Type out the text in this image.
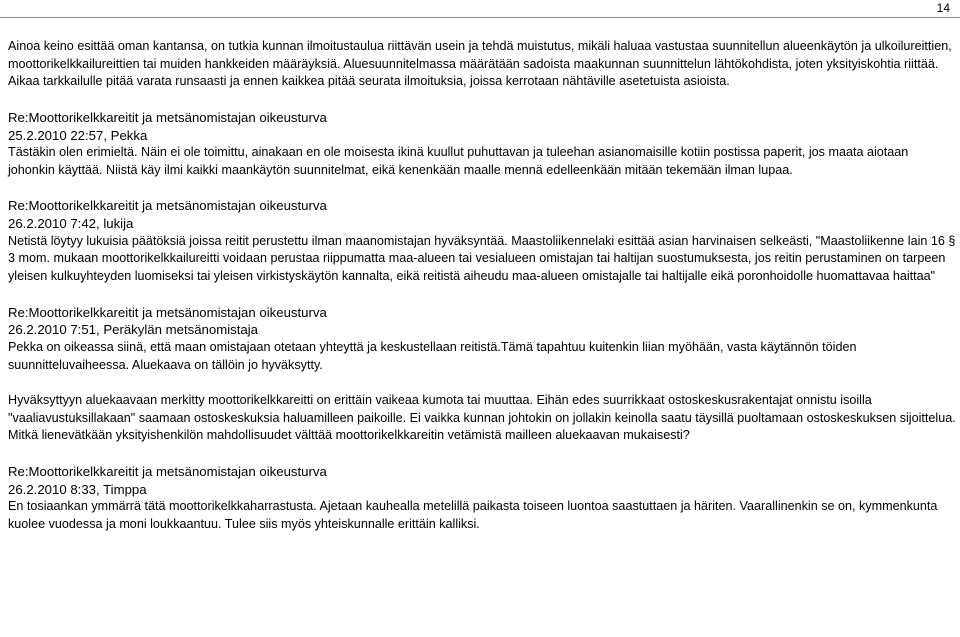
14

Ainoa keino esittää oman kantansa, on tutkia kunnan ilmoitustaulua riittävän usein ja tehdä muistutus, mikäli haluaa vastustaa suunnitellun alueenkäytön ja ulkoilureittien, moottorikelkkailureittien tai muiden hankkeiden määräyksiä. Aluesuunnitelmassa määrätään sadoista maakunnan suunnittelun lähtökohdista, joten yksityiskohtia riittää. Aikaa tarkkailulle pitää varata runsaasti ja ennen kaikkea pitää seurata ilmoituksia, joissa kerrotaan nähtäville asetetuista asioista.

Re:Moottorikelkkareitit ja metsänomistajan oikeusturva

25.2.2010 22:57, Pekka

Tästäkin olen erimieltä. Näin ei ole toimittu, ainakaan en ole moisesta ikinä kuullut puhuttavan ja tuleehan asianomaisille kotiin postissa paperit, jos maata aiotaan johonkin käyttää. Niistä käy ilmi kaikki maankäytön suunnitelmat, eikä kenenkään maalle mennä edelleenkään mitään tekemään ilman lupaa.

Re:Moottorikelkkareitit ja metsänomistajan oikeusturva

26.2.2010 7:42, lukija

Netistä löytyy lukuisia päätöksiä joissa reitit perustettu ilman maanomistajan hyväksyntää. Maastoliikennelaki esittää asian harvinaisen selkeästi, "Maastoliikenne lain 16 § 3 mom. mukaan moottorikelkkailureitti voidaan perustaa riippumatta maa-alueen tai vesialueen omistajan tai haltijan suostumuksesta, jos reitin perustaminen on tarpeen yleisen kulkuyhteyden luomiseksi tai yleisen virkistyskäytön kannalta, eikä reitistä aiheudu maa-alueen omistajalle tai haltijalle eikä poronhoidolle huomattavaa haittaa"

Re:Moottorikelkkareitit ja metsänomistajan oikeusturva

26.2.2010 7:51, Peräkylän metsänomistaja

Pekka on oikeassa siinä, että maan omistajaan otetaan yhteyttä ja keskustellaan reitistä.Tämä tapahtuu kuitenkin liian myöhään, vasta käytännön töiden suunnitteluvaiheessa. Aluekaava on tällöin jo hyväksytty.

Hyväksyttyyn aluekaavaan merkitty moottorikelkkareitti on erittäin vaikeaa kumota tai muuttaa. Eihän edes suurrikkaat ostoskeskusrakentajat onnistu isoilla "vaaliavustuksillakaan" saamaan ostoskeskuksia haluamilleen paikoille. Ei vaikka kunnan johtokin on jollakin keinolla saatu täysillä puoltamaan ostoskeskuksen sijoittelua. Mitkä lienevätkään yksityishenkilön mahdollisuudet välttää moottorikelkkareitin vetämistä mailleen aluekaavan mukaisesti?

Re:Moottorikelkkareitit ja metsänomistajan oikeusturva

26.2.2010 8:33, Timppa

En tosiaankan ymmärrä tätä moottorikelkkaharrastusta. Ajetaan kauhealla metelillä paikasta toiseen luontoa saastuttaen ja häriten. Vaarallinenkin se on, kymmenkunta kuolee vuodessa ja moni loukkaantuu. Tulee siis myös yhteiskunnalle erittäin kalliksi.
